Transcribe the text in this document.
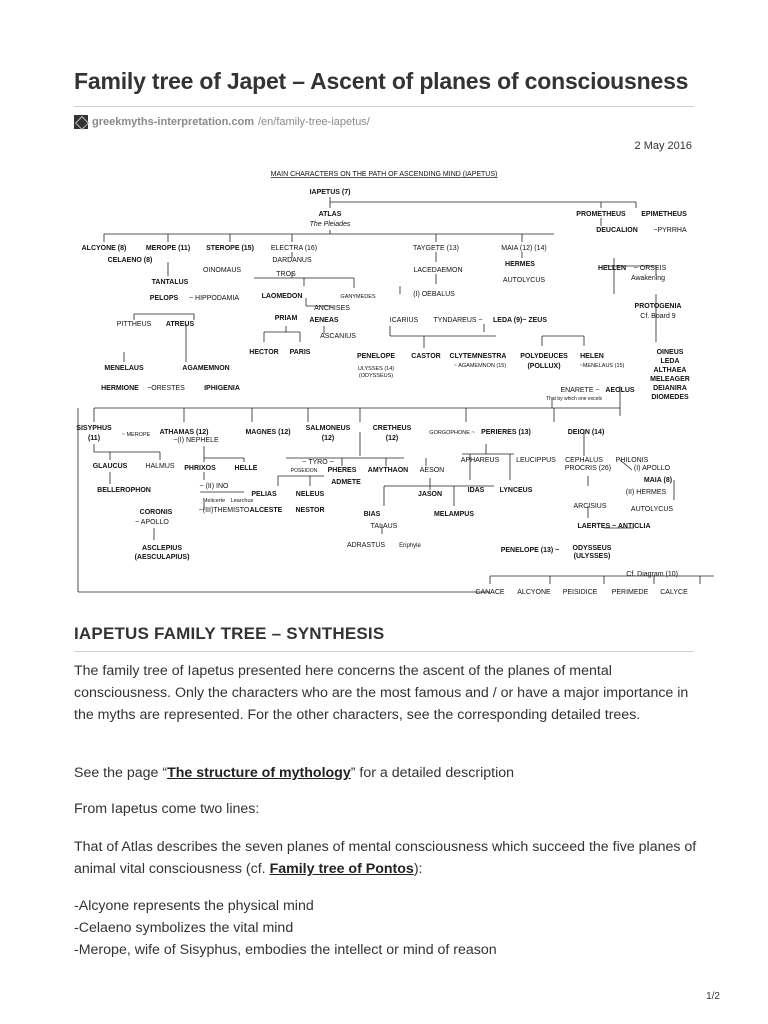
Family tree of Japet – Ascent of planes of consciousness
greekmyths-interpretation.com /en/family-tree-iapetus/
2 May 2016
MAIN CHARACTERS ON THE PATH OF ASCENDING MIND (IAPETUS)
IAPETUS (7)
ATLAS
The Pleiades
PROMETHEUS EPIMETHEUS
DEUCALION ~PYRRHA
HELLEN ~ ORSEIS
Awakening
PROTOGENIA
Cf. Board 9
ALCYONE (8)
CELAENO (8)
MEROPE (11) STEROPE (15)
OINOMAUS
ELECTRA (16)
DARDANUS
TROS
TAYGETE (13)
LACEDAEMON
(I) OEBALUS
MAIA (12) (14)
HERMES
AUTOLYCUS
TANTALUS
PELOPS ~ HIPPODAMIA
PITTHEUS ATREUS
LAOMEDON	GANYMEDES
ANCHISES
PRIAM AENEAS
ASCANIUS
HECTOR PARIS
ICARIUS TYNDAREUS ~ LEDA (9)~ ZEUS
MENELAUS	AGAMEMNON
HERMIONE ~ORESTES	IPHIGENIA
PENELOPE
ULYSSES (14)
(ODYSSEUS)
CASTOR CLYTEMNESTRA
~ AGAMEMNON (15)
POLYDEUCES
(POLLUX)
HELEN
~MENELAUS (15)
OINEUS
LEDA
ALTHAEA
MELEAGER
DEIANIRA
DIOMEDES
ENARETE ~ AEOLUS
That by which one excels
SISYPHUS
(11)	~ MEROPE ATHAMAS (12)
~(I) NEPHELE
MAGNES (12)
SALMONEUS
(12)
CRETHEUS
(12)
GORGOPHONE ~ PERIERES (13)	DEION (14)
GLAUCUS	HALMUS PHRIXOS	HELLE
~ TYRO ~
POSEIDON PHERES AMYTHAON AESON
ADMETE
JASON
APHAREUS LEUCIPPUS
IDAS LYNCEUS
CEPHALUS
PROCRIS (26)
PHILONIS
(I) APOLLO
MAIA (8)
(II) HERMES
AUTOLYCUS
BELLEROPHON
~ (II) INO
Melicerte Learchus
~(III)THEMISTO
PELIAS	NELEUS
ALCESTE NESTOR
BIAS	MELAMPUS
TALAUS
ADRASTUS Eriphyle
ARCISIUS
LAERTES ~ ANTICLIA
PENELOPE (13) ~ ODYSSEUS
(ULYSSES)
CORONIS
~ APOLLO
ASCLEPIUS
(AESCULAPIUS)
Cf. Diagram (10)
CANACE ALCYONE PEISIDICE PERIMEDE CALYCE
IAPETUS FAMILY TREE – SYNTHESIS

The family tree of Iapetus presented here concerns the ascent of the planes of mental consciousness. Only the characters who are the most famous and / or have a major importance in the myths are represented. For the other characters, see the corresponding detailed trees.

See the page “The structure of mythology” for a detailed description

From Iapetus come two lines:

That of Atlas describes the seven planes of mental consciousness which succeed the five planes of animal vital consciousness (cf. Family tree of Pontos):

-Alcyone represents the physical mind
-Celaeno symbolizes the vital mind
-Merope, wife of Sisyphus, embodies the intellect or mind of reason

1/2
